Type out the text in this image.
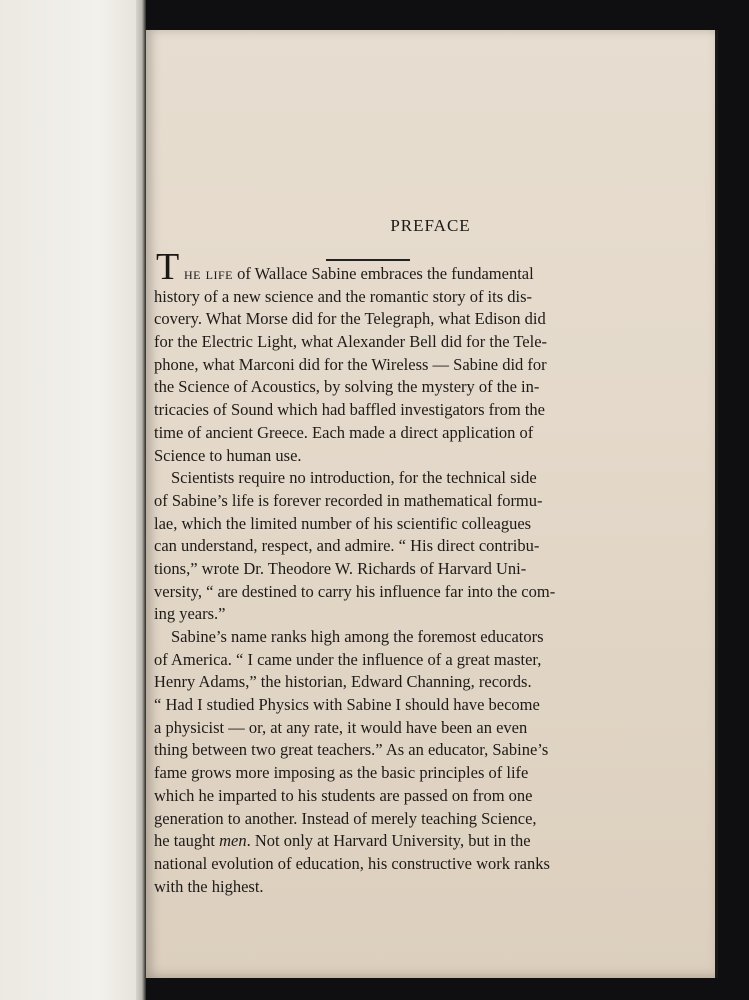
PREFACE
T he life of Wallace Sabine embraces the fundamental
history of a new science and the romantic story of its dis-
covery. What Morse did for the Telegraph, what Edison did
for the Electric Light, what Alexander Bell did for the Tele-
phone, what Marconi did for the Wireless — Sabine did for
the Science of Acoustics, by solving the mystery of the in-
tricacies of Sound which had baffled investigators from the
time of ancient Greece. Each made a direct application of
Science to human use.
Scientists require no introduction, for the technical side
of Sabine’s life is forever recorded in mathematical formu-
lae, which the limited number of his scientific colleagues
can understand, respect, and admire. “ His direct contribu-
tions,” wrote Dr. Theodore W. Richards of Harvard Uni-
versity, “ are destined to carry his influence far into the com-
ing years.”
Sabine’s name ranks high among the foremost educators
of America. “ I came under the influence of a great master,
Henry Adams,” the historian, Edward Channing, records.
“ Had I studied Physics with Sabine I should have become
a physicist — or, at any rate, it would have been an even
thing between two great teachers.” As an educator, Sabine’s
fame grows more imposing as the basic principles of life
which he imparted to his students are passed on from one
generation to another. Instead of merely teaching Science,
he taught men. Not only at Harvard University, but in the
national evolution of education, his constructive work ranks
with the highest.
